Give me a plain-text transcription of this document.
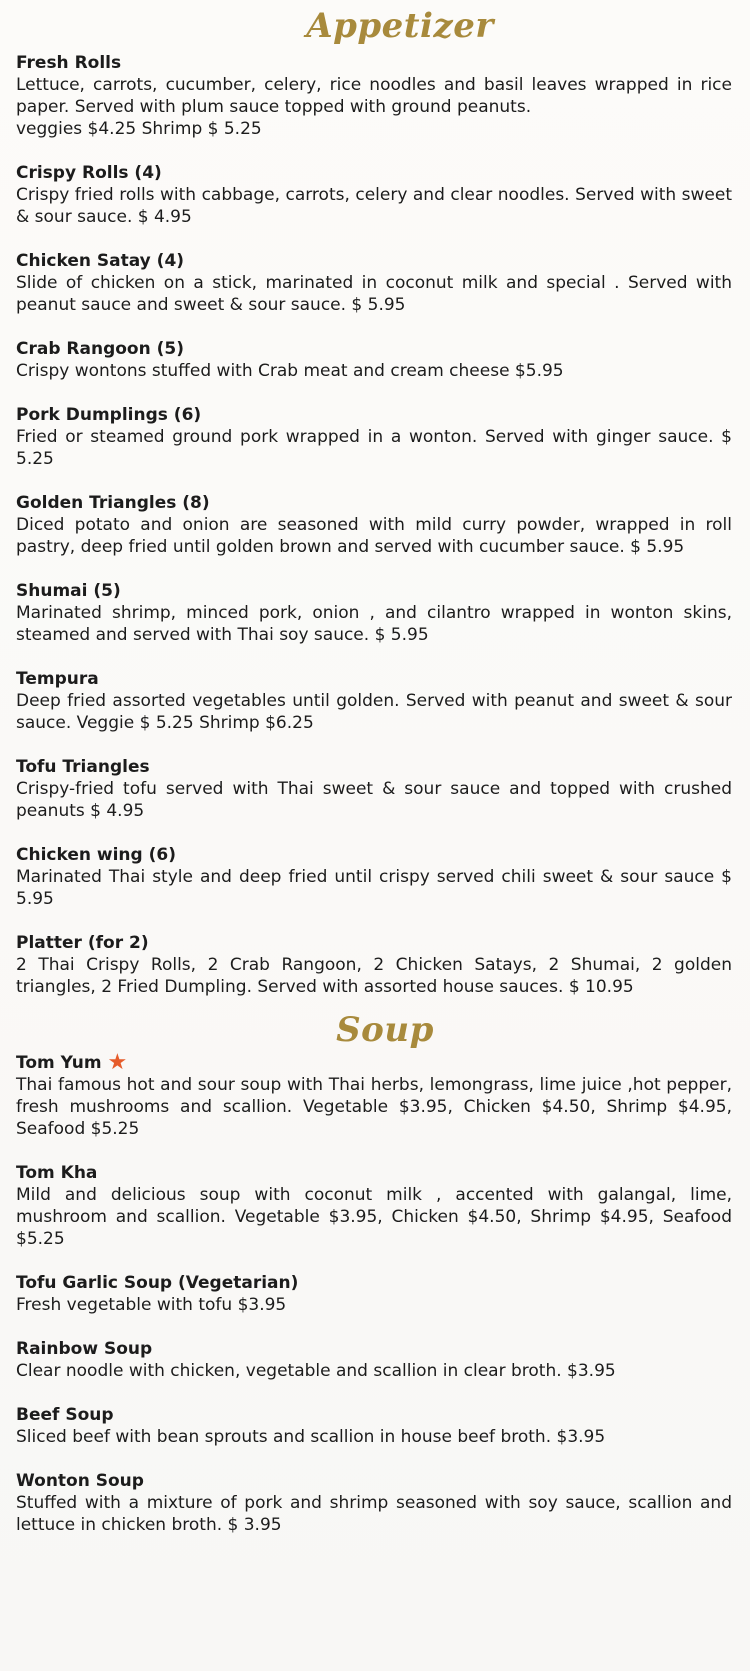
Appetizer
Fresh Rolls
Lettuce, carrots, cucumber, celery, rice noodles and basil leaves wrapped in rice paper. Served with plum sauce topped with ground peanuts.
veggies $4.25 Shrimp $ 5.25
Crispy Rolls (4)
Crispy fried rolls with cabbage, carrots, celery and clear noodles. Served with sweet & sour sauce. $ 4.95
Chicken Satay (4)
Slide of chicken on a stick, marinated in coconut milk and special . Served with peanut sauce and sweet & sour sauce. $ 5.95
Crab Rangoon (5)
Crispy wontons stuffed with Crab meat and cream cheese $5.95
Pork Dumplings (6)
Fried or steamed ground pork wrapped in a wonton. Served with ginger sauce. $ 5.25
Golden Triangles (8)
Diced potato and onion are seasoned with mild curry powder, wrapped in roll pastry, deep fried until golden brown and served with cucumber sauce. $ 5.95
Shumai (5)
Marinated shrimp, minced pork, onion , and cilantro wrapped in wonton skins, steamed and served with Thai soy sauce. $ 5.95
Tempura
Deep fried assorted vegetables until golden. Served with peanut and sweet & sour sauce. Veggie $ 5.25 Shrimp $6.25
Tofu Triangles
Crispy-fried tofu served with Thai sweet & sour sauce and topped with crushed peanuts $ 4.95
Chicken wing (6)
Marinated Thai style and deep fried until crispy served chili sweet & sour sauce $ 5.95
Platter (for 2)
2 Thai Crispy Rolls, 2 Crab Rangoon, 2 Chicken Satays, 2 Shumai, 2 golden triangles, 2 Fried Dumpling. Served with assorted house sauces. $ 10.95
Soup
Tom Yum ★
Thai famous hot and sour soup with Thai herbs, lemongrass, lime juice ,hot pepper, fresh mushrooms and scallion. Vegetable $3.95, Chicken $4.50, Shrimp $4.95, Seafood $5.25
Tom Kha
Mild and delicious soup with coconut milk , accented with galangal, lime, mushroom and scallion. Vegetable $3.95, Chicken $4.50, Shrimp $4.95, Seafood $5.25
Tofu Garlic Soup (Vegetarian)
Fresh vegetable with tofu $3.95
Rainbow Soup
Clear noodle with chicken, vegetable and scallion in clear broth. $3.95
Beef Soup
Sliced beef with bean sprouts and scallion in house beef broth. $3.95
Wonton Soup
Stuffed with a mixture of pork and shrimp seasoned with soy sauce, scallion and lettuce in chicken broth. $ 3.95
